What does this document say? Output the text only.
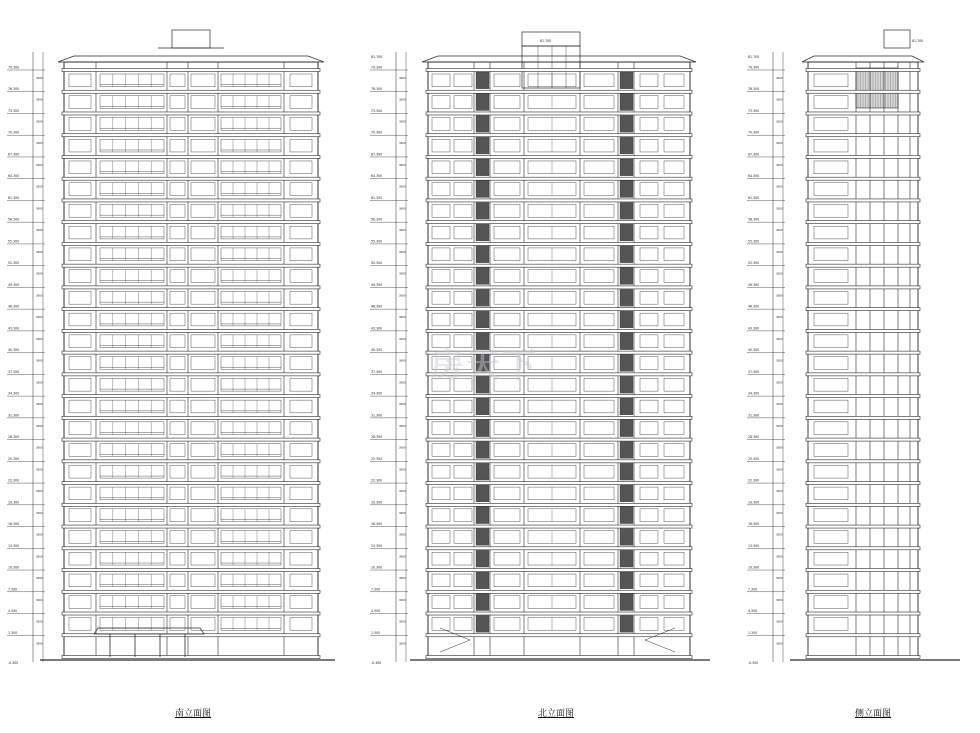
79.300
3000
76.300
3000
73.300
3000
70.300
3000
67.300
3000
64.300
3000
61.300
3000
58.300
3000
55.300
3000
52.300
3000
49.300
3000
46.300
3000
43.300
3000
40.300
3000
37.300
3000
34.300
3000
31.300
3000
28.300
3000
25.300
3000
22.300
3000
19.300
3000
16.300
3000
13.300
3000
10.300
3000
7.300
3000
4.300
3000
1.300
3000
-0.300
79.300
3000
76.300
3000
73.300
3000
70.300
3000
67.300
3000
64.300
3000
61.300
3000
58.300
3000
55.300
3000
52.300
3000
49.300
3000
46.300
3000
43.300
3000
40.300
3000
37.300
3000
34.300
3000
31.300
3000
28.300
3000
25.300
3000
22.300
3000
19.300
3000
16.300
3000
13.300
3000
10.300
3000
7.300
3000
4.300
3000
1.300
3000
81.700
-0.300
81.700
79.300
3000
76.300
3000
73.300
3000
70.300
3000
67.300
3000
64.300
3000
61.300
3000
58.300
3000
55.300
3000
52.300
3000
49.300
3000
46.300
3000
43.300
3000
40.300
3000
37.300
3000
34.300
3000
31.300
3000
28.300
3000
25.300
3000
22.300
3000
19.300
3000
16.300
3000
13.300
3000
10.300
3000
7.300
3000
4.300
3000
1.300
3000
81.700
-0.300
81.700
南立面图	北立面图	侧立面图
房天下
